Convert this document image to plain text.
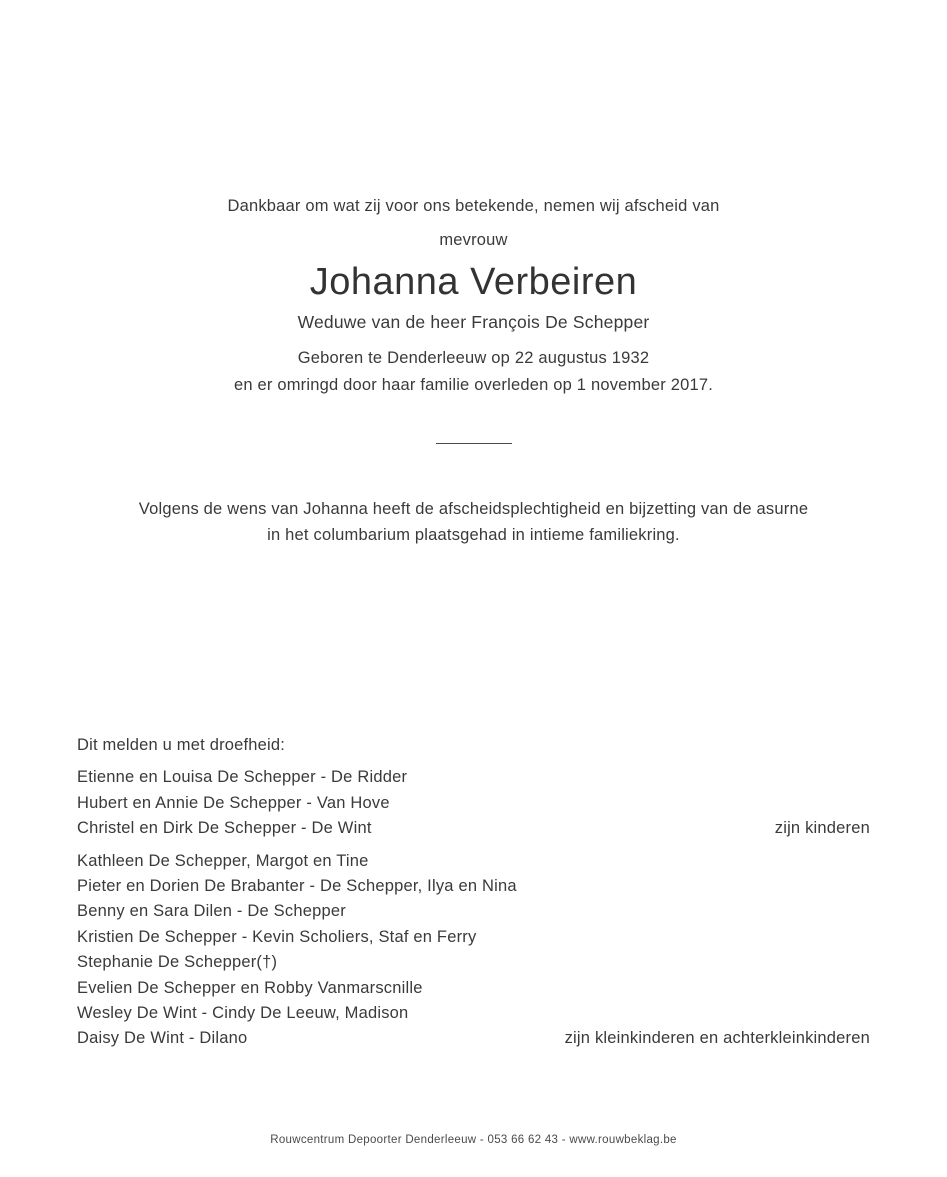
Dankbaar om wat zij voor ons betekende, nemen wij afscheid van
mevrouw
Johanna Verbeiren
Weduwe van de heer François De Schepper
Geboren te Denderleeuw op 22 augustus 1932
en er omringd door haar familie overleden op 1 november 2017.
Volgens de wens van Johanna heeft de afscheidsplechtigheid en bijzetting van de asurne
in het columbarium plaatsgehad in intieme familiekring.
Dit melden u met droefheid:
Etienne en Louisa De Schepper - De Ridder
Hubert en Annie De Schepper - Van Hove
Christel en Dirk De Schepper - De Wint	zijn kinderen
Kathleen De Schepper, Margot en Tine
Pieter en Dorien De Brabanter - De Schepper, Ilya en Nina
Benny en Sara Dilen - De Schepper
Kristien De Schepper - Kevin Scholiers, Staf en Ferry
Stephanie De Schepper(†)
Evelien De Schepper en Robby Vanmarscnille
Wesley De Wint - Cindy De Leeuw, Madison
Daisy De Wint - Dilano	zijn kleinkinderen en achterkleinkinderen
Rouwcentrum Depoorter Denderleeuw - 053 66 62 43 - www.rouwbeklag.be
